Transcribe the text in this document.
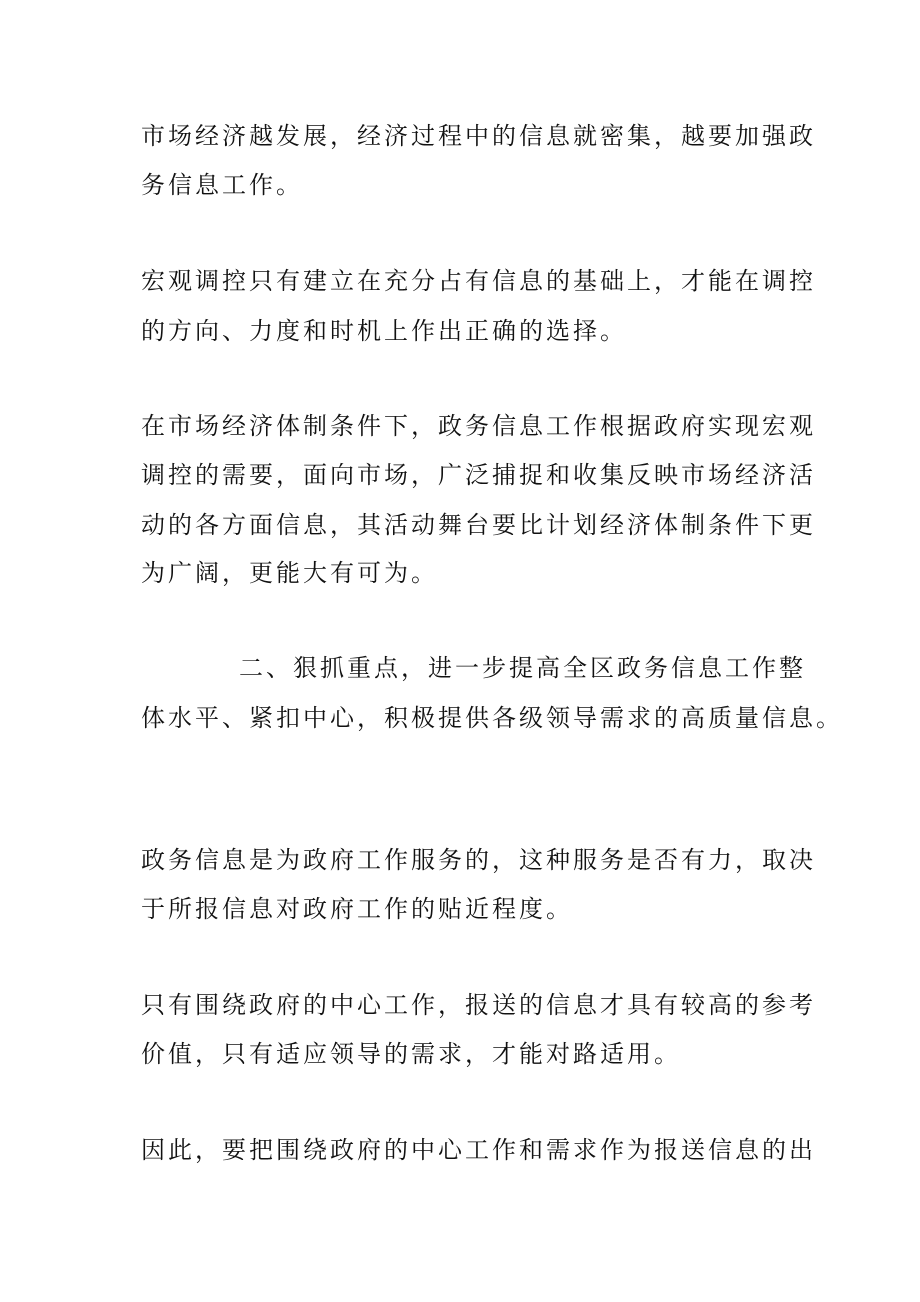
市场经济越发展，经济过程中的信息就密集，越要加强政
务信息工作。
宏观调控只有建立在充分占有信息的基础上，才能在调控
的方向、力度和时机上作出正确的选择。
在市场经济体制条件下，政务信息工作根据政府实现宏观
调控的需要，面向市场，广泛捕捉和收集反映市场经济活
动的各方面信息，其活动舞台要比计划经济体制条件下更
为广阔，更能大有可为。
二、狠抓重点，进一步提高全区政务信息工作整
体水平、紧扣中心，积极提供各级领导需求的高质量信息。
政务信息是为政府工作服务的，这种服务是否有力，取决
于所报信息对政府工作的贴近程度。
只有围绕政府的中心工作，报送的信息才具有较高的参考
价值，只有适应领导的需求，才能对路适用。
因此，要把围绕政府的中心工作和需求作为报送信息的出
